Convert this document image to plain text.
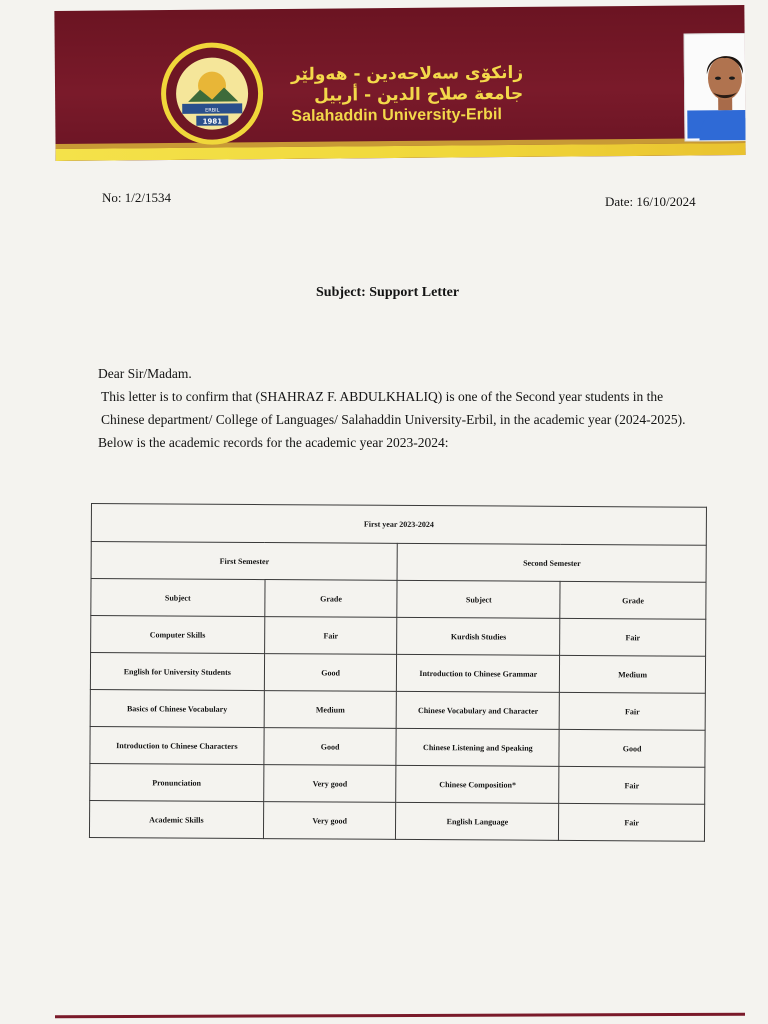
1981
ERBIL
زانكۆی سەلاحەدین - هەولێر
جامعة صلاح الدين - أربيل
Salahaddin University-Erbil
No: 1/2/1534	Date: 16/10/2024
Subject: Support Letter

Dear Sir/Madam.

This letter is to confirm that (SHAHRAZ F. ABDULKHALIQ) is one of the Second year students in the Chinese department/ College of Languages/ Salahaddin University-Erbil, in the academic year (2024-2025).

Below is the academic records for the academic year 2023-2024:

First year 2023-2024			
First Semester		Second Semester	
Subject	Grade	Subject	Grade
Computer Skills	Fair	Kurdish Studies	Fair
English for University Students	Good	Introduction to Chinese Grammar	Medium
Basics of Chinese Vocabulary	Medium	Chinese Vocabulary and Character	Fair
Introduction to Chinese Characters	Good	Chinese Listening and Speaking	Good
Pronunciation	Very good	Chinese Composition*	Fair
Academic Skills	Very good	English Language	Fair
